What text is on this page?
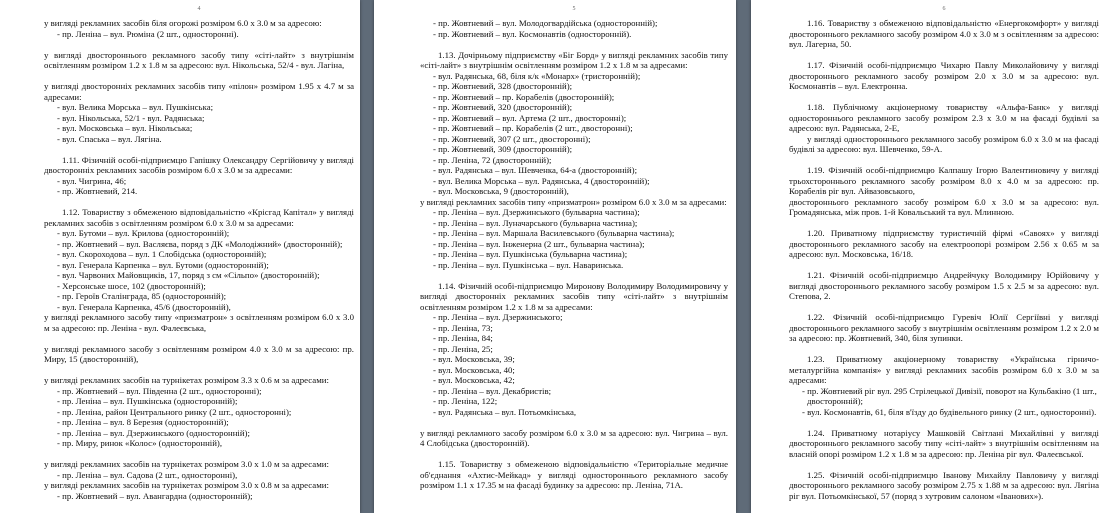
4

у вигляді рекламних засобів біля огорожі розміром 6.0 х 3.0 м за адресою:

- пр. Леніна – вул. Рюміна (2 шт., односторонні).

у вигляді двостороннього рекламного засобу типу «сіті-лайт» з внутрішнім освітленням розміром 1.2 х 1.8 м за адресою: вул. Нікольська, 52/4 - вул. Лагіна,

у вигляді двосторонніх рекламних засобів типу «пілон» розміром 1.95 х 4.7 м за адресами:

- вул. Велика Морська – вул. Пушкінська;

- вул. Нікольська, 52/1 - вул. Радянська;

- вул. Московська – вул. Нікольська;

- вул. Спаська – вул. Лягіна.

1.11. Фізичній особі-підприємцю Гапішку Олександру Сергійовичу у вигляді двосторонніх рекламних засобів розміром 6.0 х 3.0 м за адресами:

- вул. Чигрина, 46;

- пр. Жовтневий, 214.

1.12. Товариству з обмеженою відповідальністю «Крісгад Капітал» у вигляді рекламних засобів з освітленням розміром 6.0 х 3.0 м за адресами:

- вул. Бутоми – вул. Крилова (односторонній);

- пр. Жовтневий – вул. Васляєва, поряд з ДК «Молодіжний» (двосторонній);

- вул. Скороходова – вул. 1 Слобідська (односторонній);

- вул. Генерала Карпенка – вул. Бутоми (односторонній);

- вул. Чарвоних Майовщиків, 17, поряд з см «Сільпо» (двосторонній);

- Херсонське шосе, 102 (двосторонній);

- пр. Героїв Сталінграда, 85 (односторонній);

- вул. Генерала Карпенка, 45/6 (двосторонній),

у вигляді рекламного засобу типу «призматрон» з освітленням розміром 6.0 х 3.0 м за адресою: пр. Леніна - вул. Фалеєвська,

у вигляді рекламного засобу з освітленням розміром 4.0 х 3.0 м за адресою: пр. Миру, 15 (двосторонній),

у вигляді рекламних засобів на турнікетах розміром 3.3 х 0.6 м за адресами:

- пр. Жовтневий – вул. Південна (2 шт., односторонні);

- пр. Леніна – вул. Пушкінська (односторонній);

- пр. Леніна, район Центрального ринку (2 шт., односторонні);

- пр. Леніна – вул. 8 Березня (односторонній);

- пр. Леніна – вул. Дзержинського (односторонній);

- пр. Миру, ринок «Колос» (односторонній),

у вигляді рекламних засобів на турнікетах розміром 3.0 х 1.0 м за адресами:

- пр. Леніна – вул. Садова (2 шт., односторонні),

у вигляді рекламних засобів на турнікетах розміром 3.0 х 0.8 м за адресами:

- пр. Жовтневий – вул. Авангардна (односторонній);

5

- пр. Жовтневий – вул. Молодогвардійська (односторонній);

- пр. Жовтневий – вул. Космонавтів (односторонній).

1.13. Дочірньому підприємству «Біг Борд» у вигляді рекламних засобів типу «сіті-лайт» з внутрішнім освітленням розміром 1.2 х 1.8 м за адресами:

- вул. Радянська, 68, біля к/к «Монарх» (тристоронній);

- пр. Жовтневий, 328 (двосторонній);

- пр. Жовтневий – пр. Корабелів (двосторонній);

- пр. Жовтневий, 320 (двосторонній);

- пр. Жовтневий – вул. Артема (2 шт., двосторонні);

- пр. Жовтневий – пр. Корабелів (2 шт., двосторонні);

- пр. Жовтневий, 307 (2 шт., двосторонні);

- пр. Жовтневий, 309 (двосторонній);

- пр. Леніна, 72 (двосторонній);

- вул. Радянська – вул. Шевченка, 64-а (двосторонній);

- вул. Велика Морська – вул. Радянська, 4 (двосторонній);

- вул. Московська, 9 (двосторонній),

у вигляді рекламних засобів типу «призматрон» розміром 6.0 х 3.0 м за адресами:

- пр. Леніна – вул. Дзержинського (бульварна частина);

- пр. Леніна – вул. Луначарського (бульварна частина);

- пр. Леніна – вул. Маршала Василевського (бульварна частина);

- пр. Леніна – вул. Інженерна (2 шт., бульварна частина);

- пр. Леніна – вул. Пушкінська (бульварна частина);

- пр. Леніна – вул. Пушкінська – вул. Наваринська.

1.14. Фізичній особі-підприємцю Миронову Володимиру Володимировичу у вигляді двосторонніх рекламних засобів типу «сіті-лайт» з внутрішнім освітленням розміром 1.2 х 1.8 м за адресами:

- пр. Леніна – вул. Дзержинського;

- пр. Леніна, 73;

- пр. Леніна, 84;

- пр. Леніна, 25;

- вул. Московська, 39;

- вул. Московська, 40;

- вул. Московська, 42;

- пр. Леніна – вул. Декабристів;

- пр. Леніна, 122;

- вул. Радянська – вул. Потьомкінська,

у вигляді рекламного засобу розміром 6.0 х 3.0 м за адресою: вул. Чигрина – вул. 4 Слобідська (двосторонній).

1.15. Товариству з обмеженою відповідальністю «Територіальне медичне об'єднання «Ахтис-Мейкад» у вигляді одностороннього рекламного засобу розміром 1.1 х 17.35 м на фасаді будинку за адресою: пр. Леніна, 71А.

6

1.16. Товариству з обмеженою відповідальністю «Енергокомфорт» у вигляді двостороннього рекламного засобу розміром 4.0 х 3.0 м з освітленням за адресою: вул. Лагерна, 50.

1.17. Фізичній особі-підприємцю Чихарю Павлу Миколайовичу у вигляді двостороннього рекламного засобу розміром 2.0 х 3.0 м за адресою: вул. Космонавтів – вул. Електронна.

1.18. Публічному акціонерному товариству «Альфа-Банк» у вигляді одностороннього рекламного засобу розміром 2.3 х 3.0 м на фасаді будівлі за адресою: вул. Радянська, 2-Е,

у вигляді одностороннього рекламного засобу розміром 6.0 х 3.0 м на фасаді будівлі за адресою: вул. Шевченко, 59-А.

1.19. Фізичній особі-підприємцю Калпашу Ігорю Валентиновичу у вигляді трьохстороннього рекламного засобу розміром 8.0 х 4.0 м за адресою: пр. Корабелів ріг вул. Айвазовського,

двостороннього рекламного засобу розміром 6.0 х 3.0 м за адресою: вул. Громадянська, між пров. 1-й Ковальський та вул. Млинною.

1.20. Приватному підприємству туристичній фірмі «Савоях» у вигляді двостороннього рекламного засобу на електроопорі розміром 2.56 х 0.65 м за адресою: вул. Московська, 16/18.

1.21. Фізичній особі-підприємцю Андрейчуку Володимиру Юрійовичу у вигляді двостороннього рекламного засобу розміром 1.5 х 2.5 м за адресою: вул. Степова, 2.

1.22. Фізичній особі-підприємцю Гуревіч Юлії Сергіївні у вигляді двостороннього рекламного засобу з внутрішнім освітленням розміром 1.2 х 2.0 м за адресою: пр. Жовтневий, 340, біля зупинки.

1.23. Приватному акціонерному товариству «Українська гірничо-металургійна компанія» у вигляді рекламних засобів розміром 6.0 х 3.0 м за адресами:

- пр. Жовтневий ріг вул. 295 Стрілецької Дивізії, поворот на Кульбакіно (1 шт., двосторонній);

- вул. Космонавтів, 61, біля в'їзду до будівельного ринку (2 шт., односторонні).

1.24. Приватному нотаріусу Машковій Світлані Михайлівні у вигляді двостороннього рекламного засобу типу «сіті-лайт» з внутрішнім освітленням на власній опорі розміром 1.2 х 1.8 м за адресою: пр. Леніна ріг вул. Фалеєвської.

1.25. Фізичній особі-підприємцю Іванову Михайлу Павловичу у вигляді двостороннього рекламного засобу розміром 2.75 х 1.88 м за адресою: вул. Лягіна ріг вул. Потьомкінської, 57 (поряд з хутровим салоном «Іванових»).
